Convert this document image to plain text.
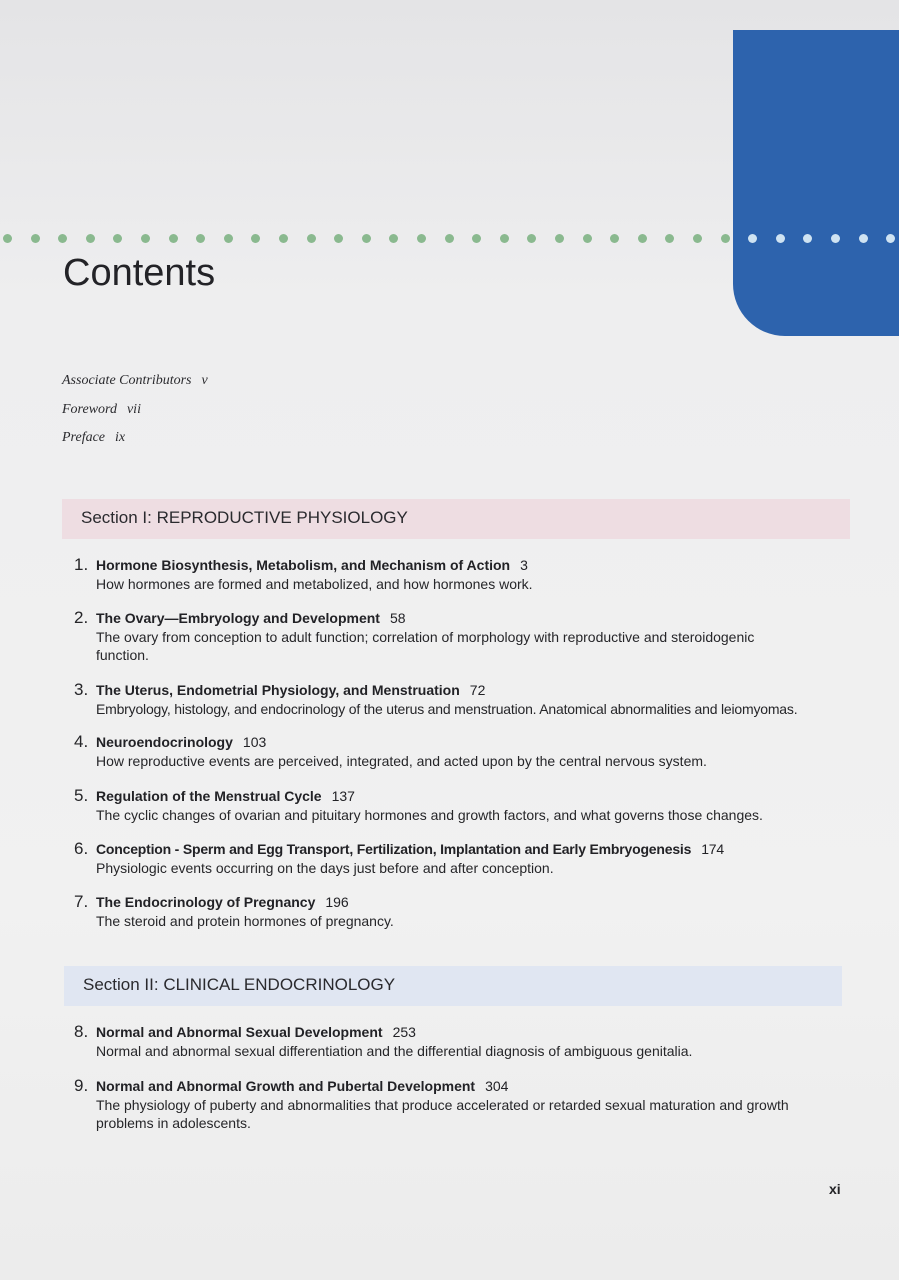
Contents
Associate Contributors v
Foreword vii
Preface ix
Section I: REPRODUCTIVE PHYSIOLOGY
1. Hormone Biosynthesis, Metabolism, and Mechanism of Action 3
How hormones are formed and metabolized, and how hormones work.
2. The Ovary—Embryology and Development 58
The ovary from conception to adult function; correlation of morphology with reproductive and steroidogenic function.
3. The Uterus, Endometrial Physiology, and Menstruation 72
Embryology, histology, and endocrinology of the uterus and menstruation. Anatomical abnormalities and leiomyomas.
4. Neuroendocrinology 103
How reproductive events are perceived, integrated, and acted upon by the central nervous system.
5. Regulation of the Menstrual Cycle 137
The cyclic changes of ovarian and pituitary hormones and growth factors, and what governs those changes.
6. Conception - Sperm and Egg Transport, Fertilization, Implantation and Early Embryogenesis 174
Physiologic events occurring on the days just before and after conception.
7. The Endocrinology of Pregnancy 196
The steroid and protein hormones of pregnancy.
Section II: CLINICAL ENDOCRINOLOGY
8. Normal and Abnormal Sexual Development 253
Normal and abnormal sexual differentiation and the differential diagnosis of ambiguous genitalia.
9. Normal and Abnormal Growth and Pubertal Development 304
The physiology of puberty and abnormalities that produce accelerated or retarded sexual maturation and growth problems in adolescents.
xi
